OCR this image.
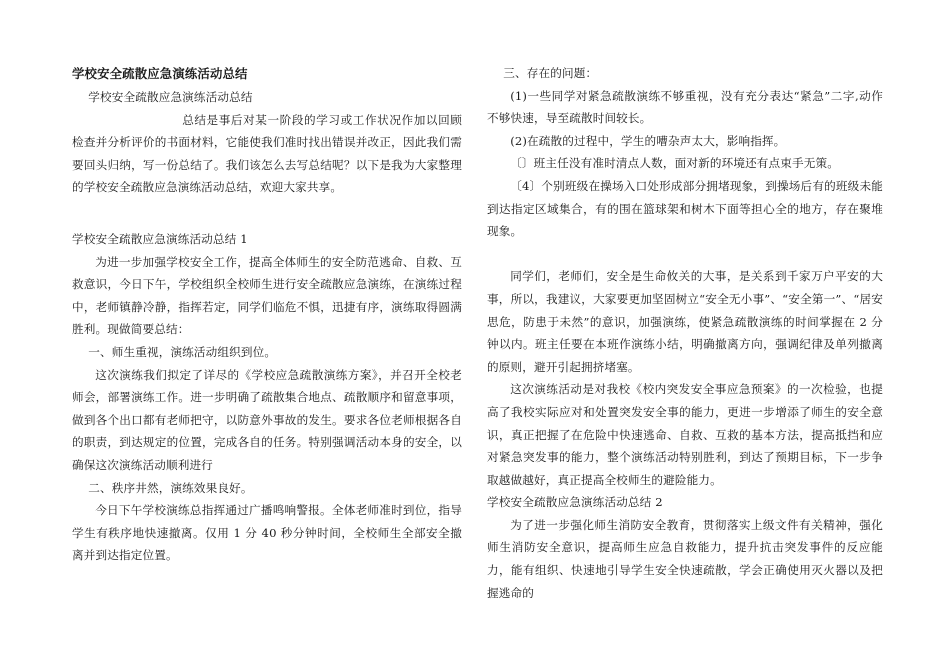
学校安全疏散应急演练活动总结

学校安全疏散应急演练活动总结

总结是事后对某一阶段的学习或工作状况作加以回顾检查并分析评价的书面材料，它能使我们准时找出错误并改正，因此我们需要回头归纳，写一份总结了。我们该怎么去写总结呢？以下是我为大家整理的学校安全疏散应急演练活动总结，欢迎大家共享。

学校安全疏散应急演练活动总结 1

为进一步加强学校安全工作，提高全体师生的安全防范逃命、自救、互救意识，今日下午，学校组织全校师生进行安全疏散应急演练，在演练过程中，老师镇静冷静，指挥若定，同学们临危不惧，迅捷有序，演练取得圆满胜利。现做简要总结：

一、师生重视，演练活动组织到位。

这次演练我们拟定了详尽的《学校应急疏散演练方案》，并召开全校老师会，部署演练工作。进一步明确了疏散集合地点、疏散顺序和留意事项，做到各个出口都有老师把守，以防意外事故的发生。要求各位老师根据各自的职责，到达规定的位置，完成各自的任务。特别强调活动本身的安全，以确保这次演练活动顺利进行

二、秩序井然，演练效果良好。

今日下午学校演练总指挥通过广播鸣响警报。全体老师准时到位，指导学生有秩序地快速撤离。仅用 1 分 40 秒分钟时间，全校师生全部安全撤离并到达指定位置。

三、存在的问题：

(1)一些同学对紧急疏散演练不够重视，没有充分表达“紧急”二字,动作不够快速，导至疏散时间较长。

(2)在疏散的过程中，学生的嘈杂声太大，影响指挥。

〔〕班主任没有准时清点人数，面对新的环境还有点束手无策。

〔4〕个别班级在操场入口处形成部分拥堵现象，到操场后有的班级未能到达指定区域集合，有的围在篮球架和树木下面等担心全的地方，存在聚堆现象。

同学们，老师们，安全是生命攸关的大事，是关系到千家万户平安的大事，所以，我建议，大家要更加坚固树立“安全无小事”、“安全第一”、“居安思危，防患于未然”的意识，加强演练，使紧急疏散演练的时间掌握在 2 分钟以内。班主任要在本班作演练小结，明确撤离方向，强调纪律及单列撤离的原则，避开引起拥挤堵塞。

这次演练活动是对我校《校内突发安全事应急预案》的一次检验，也提高了我校实际应对和处置突发安全事的能力，更进一步增添了师生的安全意识，真正把握了在危险中快速逃命、自救、互救的基本方法，提高抵挡和应对紧急突发事的能力，整个演练活动特别胜利，到达了预期目标，下一步争取越做越好，真正提高全校师生的避险能力。

学校安全疏散应急演练活动总结 2

为了进一步强化师生消防安全教育，贯彻落实上级文件有关精神，强化师生消防安全意识，提高师生应急自救能力，提升抗击突发事件的反应能力，能有组织、快速地引导学生安全快速疏散，学会正确使用灭火器以及把握逃命的
